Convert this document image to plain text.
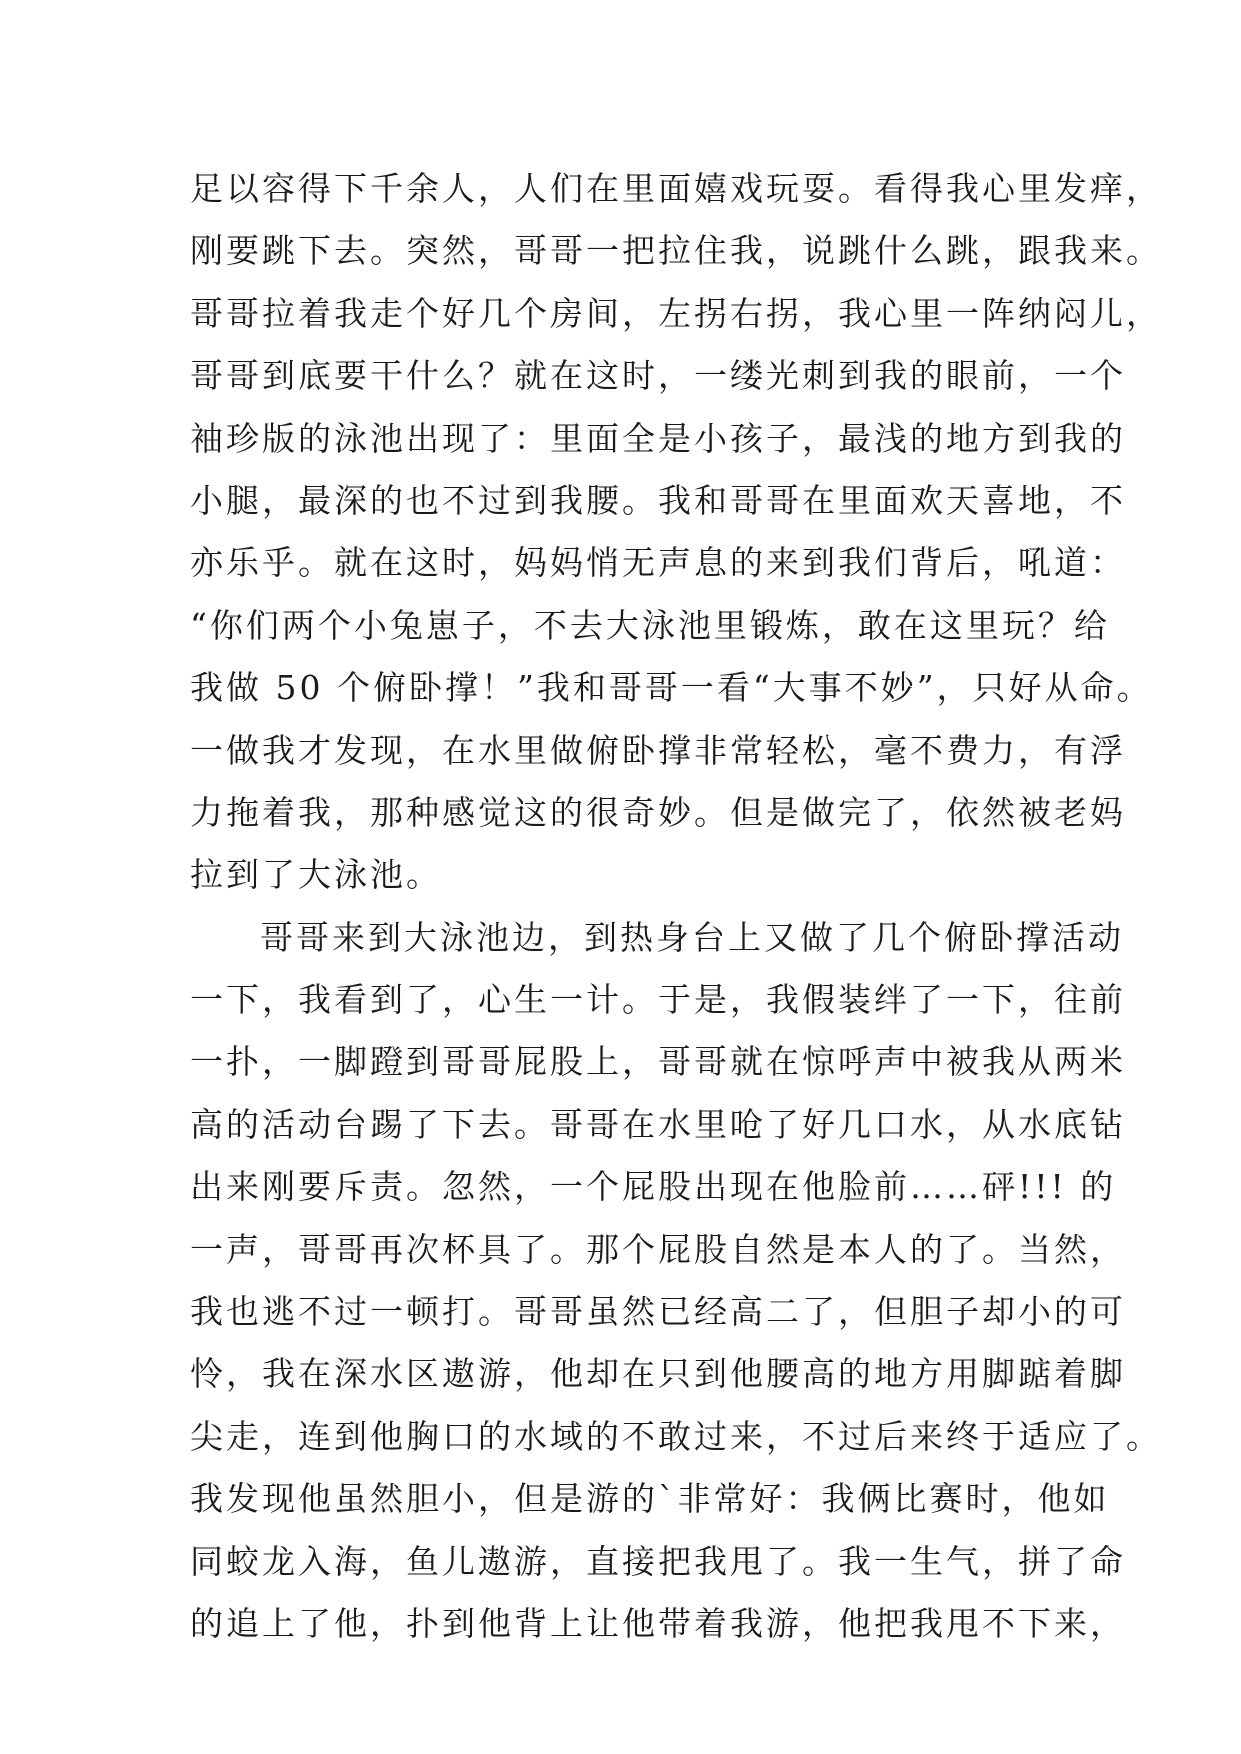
足以容得下千余人，人们在里面嬉戏玩耍。看得我心里发痒，
刚要跳下去。突然，哥哥一把拉住我，说跳什么跳，跟我来。
哥哥拉着我走个好几个房间，左拐右拐，我心里一阵纳闷儿，
哥哥到底要干什么？就在这时，一缕光刺到我的眼前，一个
袖珍版的泳池出现了：里面全是小孩子，最浅的地方到我的
小腿，最深的也不过到我腰。我和哥哥在里面欢天喜地，不
亦乐乎。就在这时，妈妈悄无声息的来到我们背后，吼道：
“你们两个小兔崽子，不去大泳池里锻炼，敢在这里玩？给
我做 50 个俯卧撑！”我和哥哥一看“大事不妙”，只好从命。
一做我才发现，在水里做俯卧撑非常轻松，毫不费力，有浮
力拖着我，那种感觉这的很奇妙。但是做完了，依然被老妈
拉到了大泳池。
哥哥来到大泳池边，到热身台上又做了几个俯卧撑活动
一下，我看到了，心生一计。于是，我假装绊了一下，往前
一扑，一脚蹬到哥哥屁股上，哥哥就在惊呼声中被我从两米
高的活动台踢了下去。哥哥在水里呛了好几口水，从水底钻
出来刚要斥责。忽然，一个屁股出现在他脸前……砰!!! 的
一声，哥哥再次杯具了。那个屁股自然是本人的了。当然，
我也逃不过一顿打。哥哥虽然已经高二了，但胆子却小的可
怜，我在深水区遨游，他却在只到他腰高的地方用脚踮着脚
尖走，连到他胸口的水域的不敢过来，不过后来终于适应了。
我发现他虽然胆小，但是游的`非常好：我俩比赛时，他如
同蛟龙入海，鱼儿遨游，直接把我甩了。我一生气，拼了命
的追上了他，扑到他背上让他带着我游，他把我甩不下来，
